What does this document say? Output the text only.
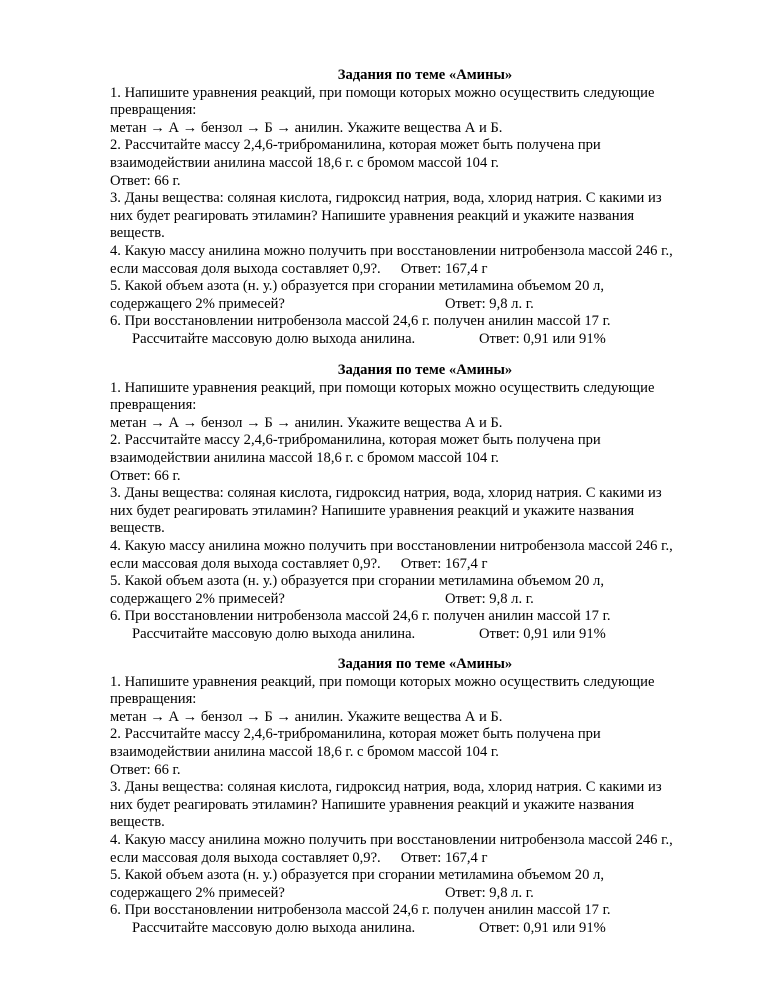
Задания по теме «Амины»
1. Напишите уравнения реакций, при помощи которых можно осуществить следующие
превращения:
метан → А → бензол → Б → анилин. Укажите вещества А и Б.
2. Рассчитайте массу 2,4,6-триброманилина, которая может быть получена при
взаимодействии анилина массой 18,6 г. с бромом массой 104 г.
Ответ: 66 г.
3. Даны вещества: соляная кислота, гидроксид натрия, вода, хлорид натрия. С какими из
них будет реагировать этиламин? Напишите уравнения реакций и укажите названия
веществ.
4. Какую массу анилина можно получить при восстановлении нитробензола массой 246 г.,
если массовая доля выхода составляет 0,9?. Ответ: 167,4 г
5. Какой объем азота (н. у.) образуется при сгорании метиламина объемом 20 л,
содержащего 2% примесей?	Ответ: 9,8 л. г.
6. При восстановлении нитробензола массой 24,6 г. получен анилин массой 17 г.
Рассчитайте массовую долю выхода анилина.	Ответ: 0,91 или 91%
Задания по теме «Амины»
1. Напишите уравнения реакций, при помощи которых можно осуществить следующие
превращения:
метан → А → бензол → Б → анилин. Укажите вещества А и Б.
2. Рассчитайте массу 2,4,6-триброманилина, которая может быть получена при
взаимодействии анилина массой 18,6 г. с бромом массой 104 г.
Ответ: 66 г.
3. Даны вещества: соляная кислота, гидроксид натрия, вода, хлорид натрия. С какими из
них будет реагировать этиламин? Напишите уравнения реакций и укажите названия
веществ.
4. Какую массу анилина можно получить при восстановлении нитробензола массой 246 г.,
если массовая доля выхода составляет 0,9?. Ответ: 167,4 г
5. Какой объем азота (н. у.) образуется при сгорании метиламина объемом 20 л,
содержащего 2% примесей?	Ответ: 9,8 л. г.
6. При восстановлении нитробензола массой 24,6 г. получен анилин массой 17 г.
Рассчитайте массовую долю выхода анилина.	Ответ: 0,91 или 91%
Задания по теме «Амины»
1. Напишите уравнения реакций, при помощи которых можно осуществить следующие
превращения:
метан → А → бензол → Б → анилин. Укажите вещества А и Б.
2. Рассчитайте массу 2,4,6-триброманилина, которая может быть получена при
взаимодействии анилина массой 18,6 г. с бромом массой 104 г.
Ответ: 66 г.
3. Даны вещества: соляная кислота, гидроксид натрия, вода, хлорид натрия. С какими из
них будет реагировать этиламин? Напишите уравнения реакций и укажите названия
веществ.
4. Какую массу анилина можно получить при восстановлении нитробензола массой 246 г.,
если массовая доля выхода составляет 0,9?. Ответ: 167,4 г
5. Какой объем азота (н. у.) образуется при сгорании метиламина объемом 20 л,
содержащего 2% примесей?	Ответ: 9,8 л. г.
6. При восстановлении нитробензола массой 24,6 г. получен анилин массой 17 г.
Рассчитайте массовую долю выхода анилина.	Ответ: 0,91 или 91%
